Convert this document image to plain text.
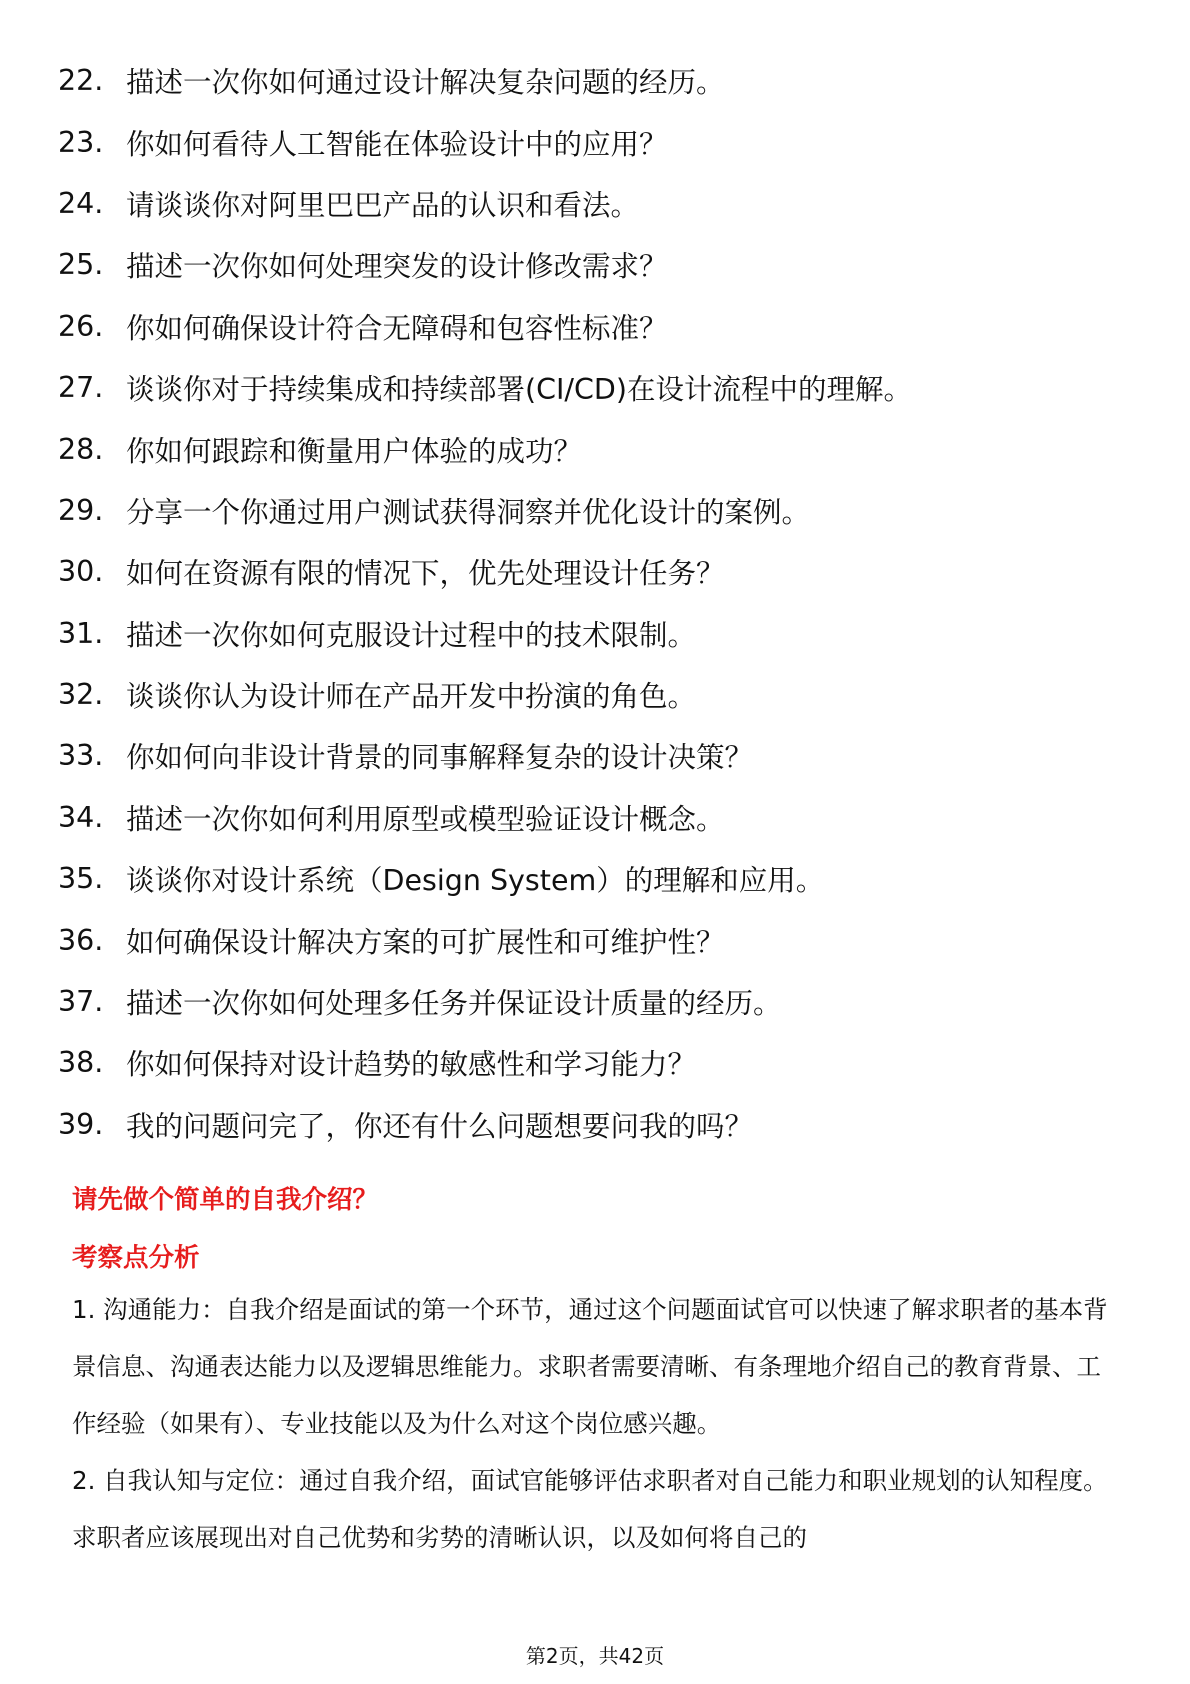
22. 描述一次你如何通过设计解决复杂问题的经历。
23. 你如何看待人工智能在体验设计中的应用？
24. 请谈谈你对阿里巴巴产品的认识和看法。
25. 描述一次你如何处理突发的设计修改需求？
26. 你如何确保设计符合无障碍和包容性标准？
27. 谈谈你对于持续集成和持续部署(CI/CD)在设计流程中的理解。
28. 你如何跟踪和衡量用户体验的成功？
29. 分享一个你通过用户测试获得洞察并优化设计的案例。
30. 如何在资源有限的情况下，优先处理设计任务？
31. 描述一次你如何克服设计过程中的技术限制。
32. 谈谈你认为设计师在产品开发中扮演的角色。
33. 你如何向非设计背景的同事解释复杂的设计决策？
34. 描述一次你如何利用原型或模型验证设计概念。
35. 谈谈你对设计系统（Design System）的理解和应用。
36. 如何确保设计解决方案的可扩展性和可维护性？
37. 描述一次你如何处理多任务并保证设计质量的经历。
38. 你如何保持对设计趋势的敏感性和学习能力？
39. 我的问题问完了，你还有什么问题想要问我的吗？
请先做个简单的自我介绍？
考察点分析

1. 沟通能力：自我介绍是面试的第一个环节，通过这个问题面试官可以快速了解求职者的基本背景信息、沟通表达能力以及逻辑思维能力。求职者需要清晰、有条理地介绍自己的教育背景、工作经验（如果有）、专业技能以及为什么对这个岗位感兴趣。

2. 自我认知与定位：通过自我介绍，面试官能够评估求职者对自己能力和职业规划的认知程度。求职者应该展现出对自己优势和劣势的清晰认识，以及如何将自己的

第2页，共42页
